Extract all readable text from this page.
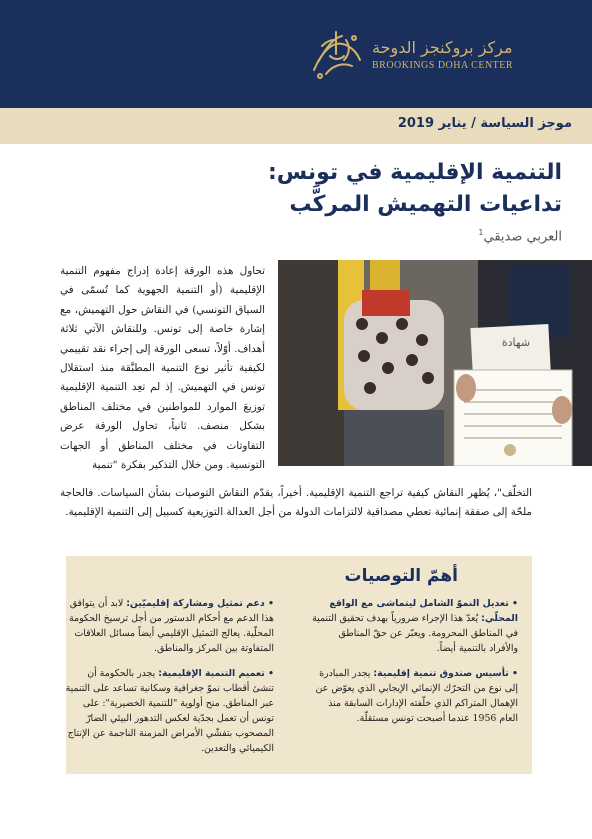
مركز بروكنجز الدوحة
BROOKINGS DOHA CENTER
موجز السياسة / يناير 2019
التنمية الإقليمية في تونس:
تداعيات التهميش المركَّب
العربي صديقي$^1$
شهادة
تحاول هذه الورقة إعادة إدراج مفهوم التنمية الإقليمية (أو التنمية الجهوية كما تُسمّى في السياق التونسي) في النقاش حول التهميش، مع إشارة خاصة إلى تونس. وللنقاش الآتي ثلاثة أهداف. أوّلاً، تسعى الورقة إلى إجراء نقد تقييمي لكيفية تأثير نوع التنمية المطبَّقة منذ استقلال تونس في التهميش. إذ لم تعِد التنمية الإقليمية توزيعَ الموارد للمواطنين في مختلف المناطق بشكل منصف. ثانياً، تحاول الورقة عرض التفاوتات في مختلف المناطق أو الجهات التونسية. ومن خلال التذكير بفكرة "تنمية
التخلّف"، يُظهر النقاش كيفية تراجع التنمية الإقليمية. أخيراً، يقدّم النقاش التوصيات بشأن السياسات. فالحاجة ملحّة إلى صفقة إنمائية تعطي مصداقية لالتزامات الدولة من أجل العدالة التوزيعية كسبيل إلى التنمية الإقليمية.
أهمّ التوصيات
• تعديل النموّ الشامل ليتماشى مع الواقع المحلّي: يُعدّ هذا الإجراء ضرورياً بهدف تحقيق التنمية في المناطق المحرومة. ويعبّر عن حقّ المناطق والأفراد بالتنمية أيضاً.
• تأسيس صندوق تنمية إقليمية: يجدر المبادرة إلى نوع من التحرّك الإنمائي الإيجابي الذي يعوّض عن الإهمال المتراكم الذي خلّفته الإدارات السابقة منذ العام 1956 عندما أصبحت تونس مستقلّة.
• دعم تمثيل ومشاركة إقليميّين: لابد أن يتوافق هذا الدعم مع أحكام الدستور من أجل ترسيخ الحكومة المحلّية. يعالج التمثيل الإقليمي أيضاً مسائل العلاقات المتفاوتة بين المركز والمناطق.
• تعميم التنمية الإقليمية: يجدر بالحكومة أن تنشئ أقطاب نموّ جغرافية وسكانية تساعد على التنمية عبر المناطق. منح أولوية "للتنمية الخضيرية": على تونس أن تعمل بجدّية لعكس التدهور البيئي الضارّ المصحوب بتفشّي الأمراض المزمنة الناجمة عن الإنتاج الكيميائي والتعدين.
